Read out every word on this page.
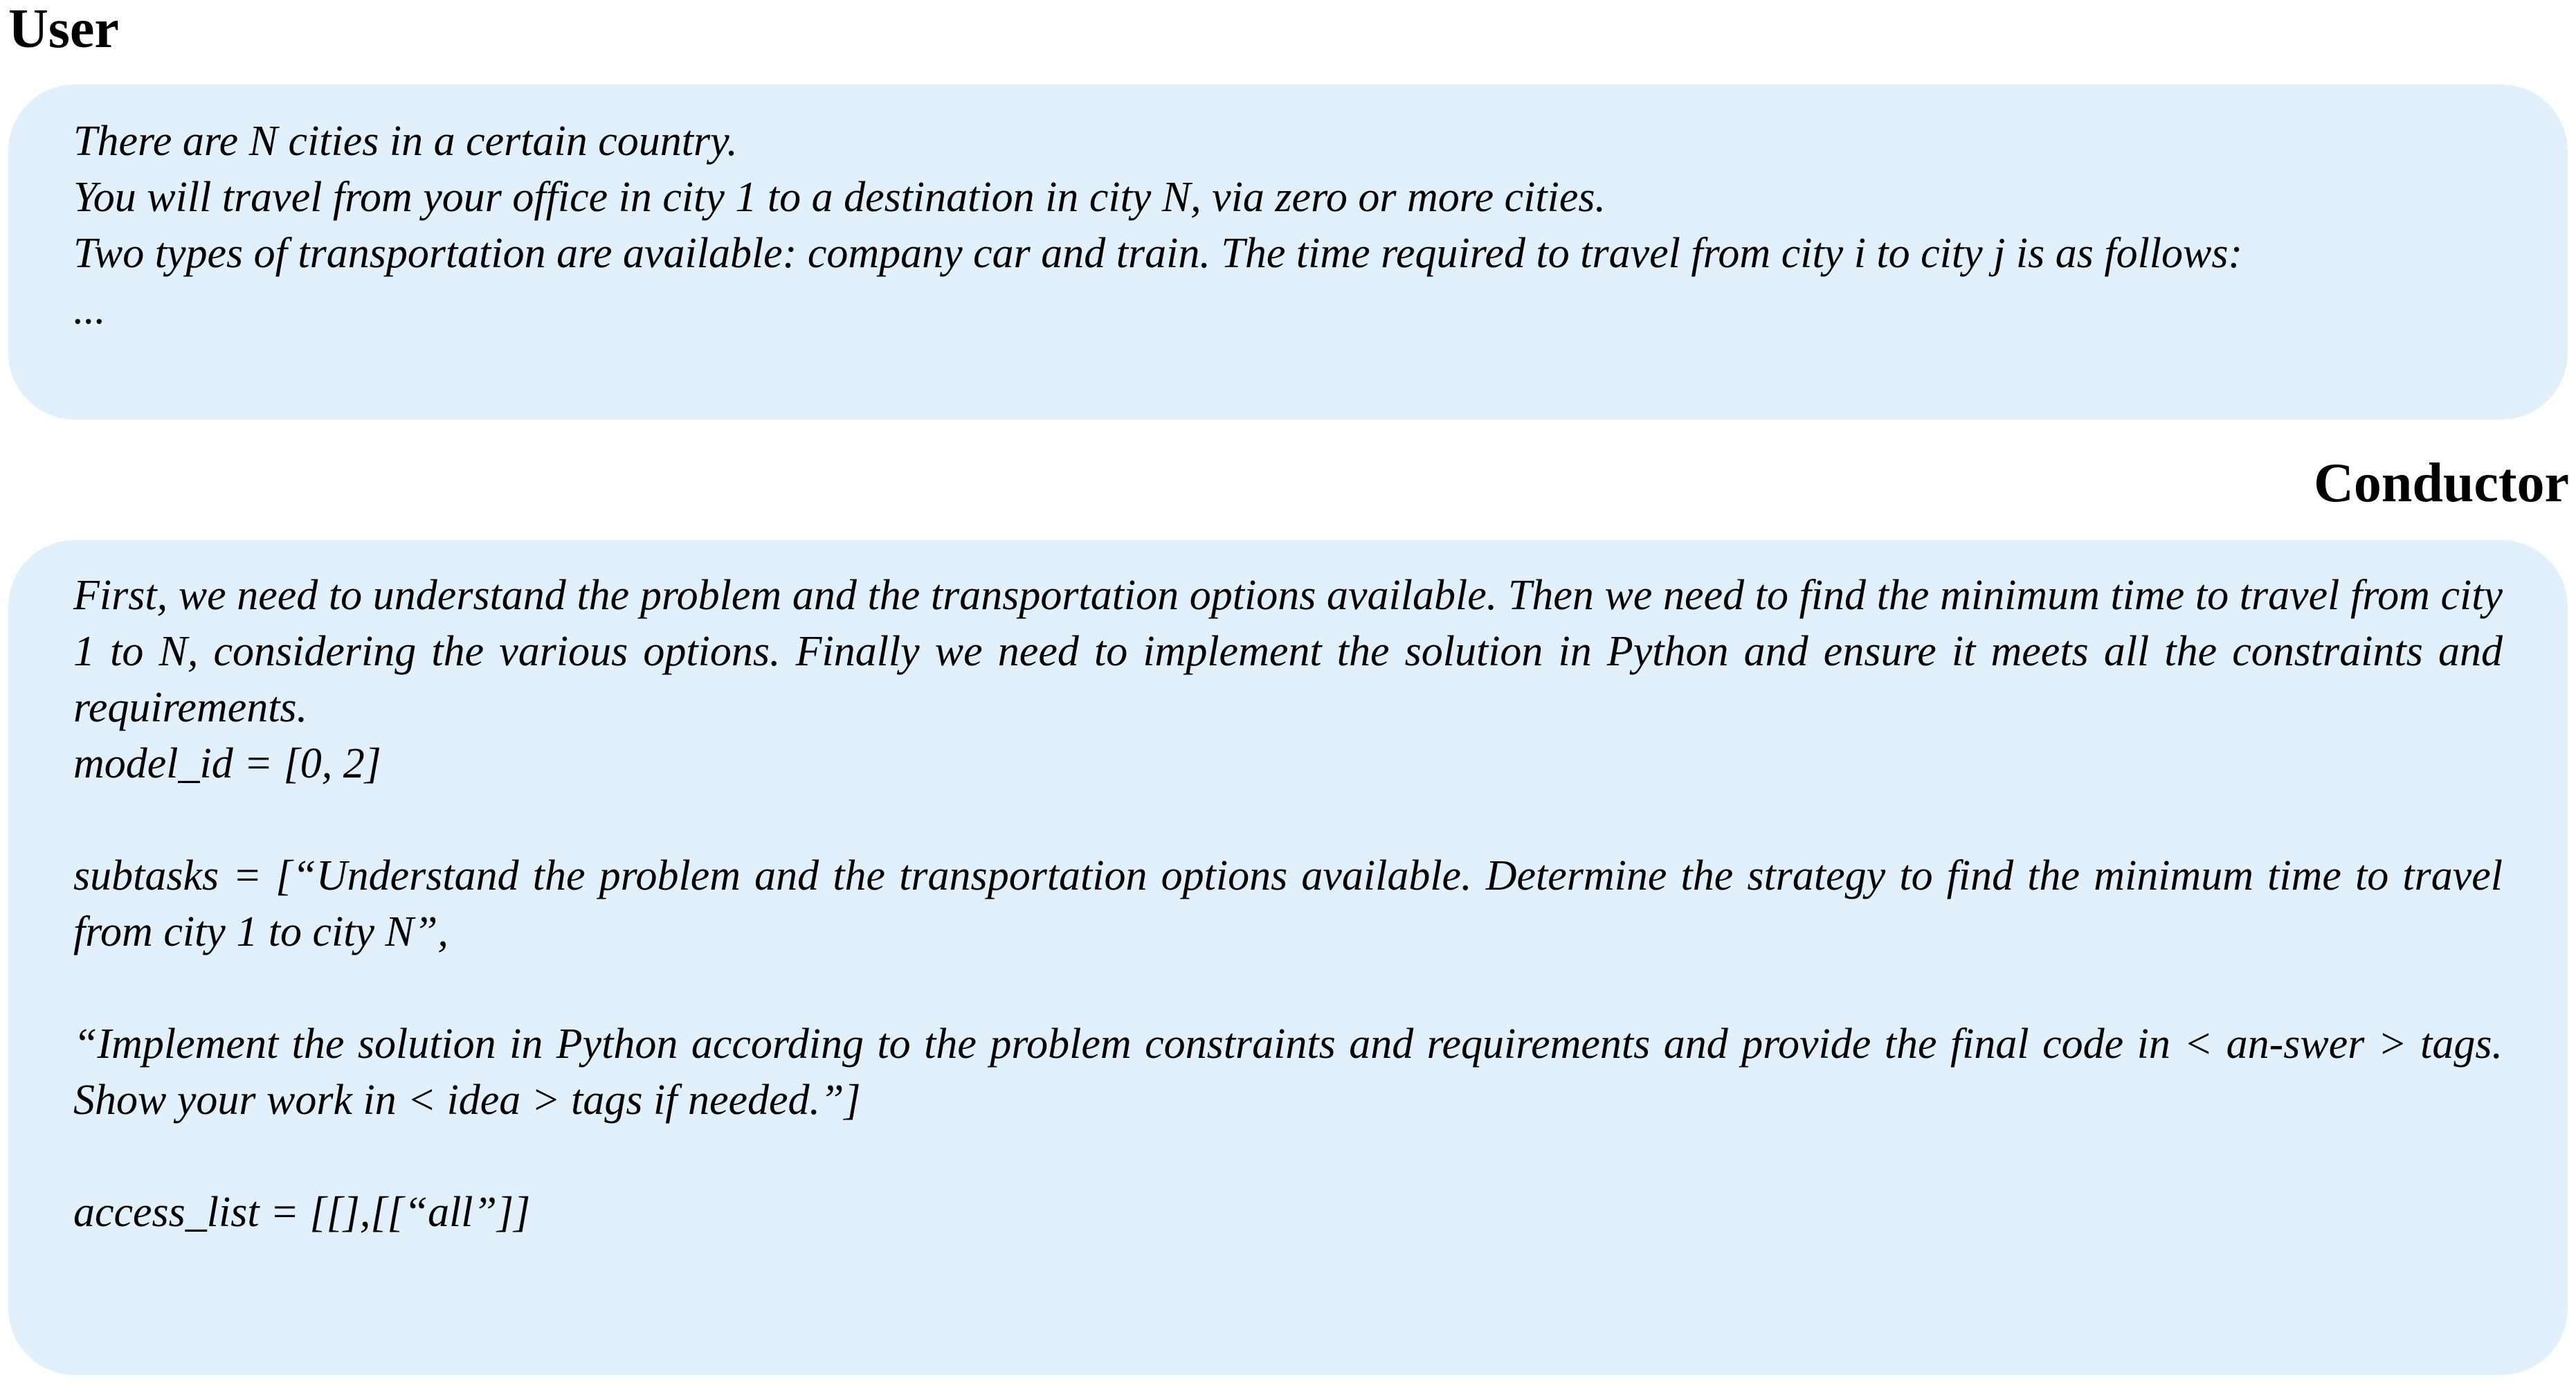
User

There are N cities in a certain country.

You will travel from your office in city 1 to a destination in city N, via zero or more cities.

Two types of transportation are available: company car and train. The time required to travel from city i to city j is as follows:

...

Conductor

First, we need to understand the problem and the transportation options available. Then we need to find the minimum time to travel from city 1 to N, considering the various options. Finally we need to implement the solution in Python and ensure it meets all the constraints and requirements.

model_id = [0, 2]

subtasks = [“Understand the problem and the transportation options available. Determine the strategy to find the minimum time to travel from city 1 to city N”,

“Implement the solution in Python according to the problem constraints and requirements and provide the final code in < an-swer > tags. Show your work in < idea > tags if needed.”]

access_list = [[],[[“all”]]
